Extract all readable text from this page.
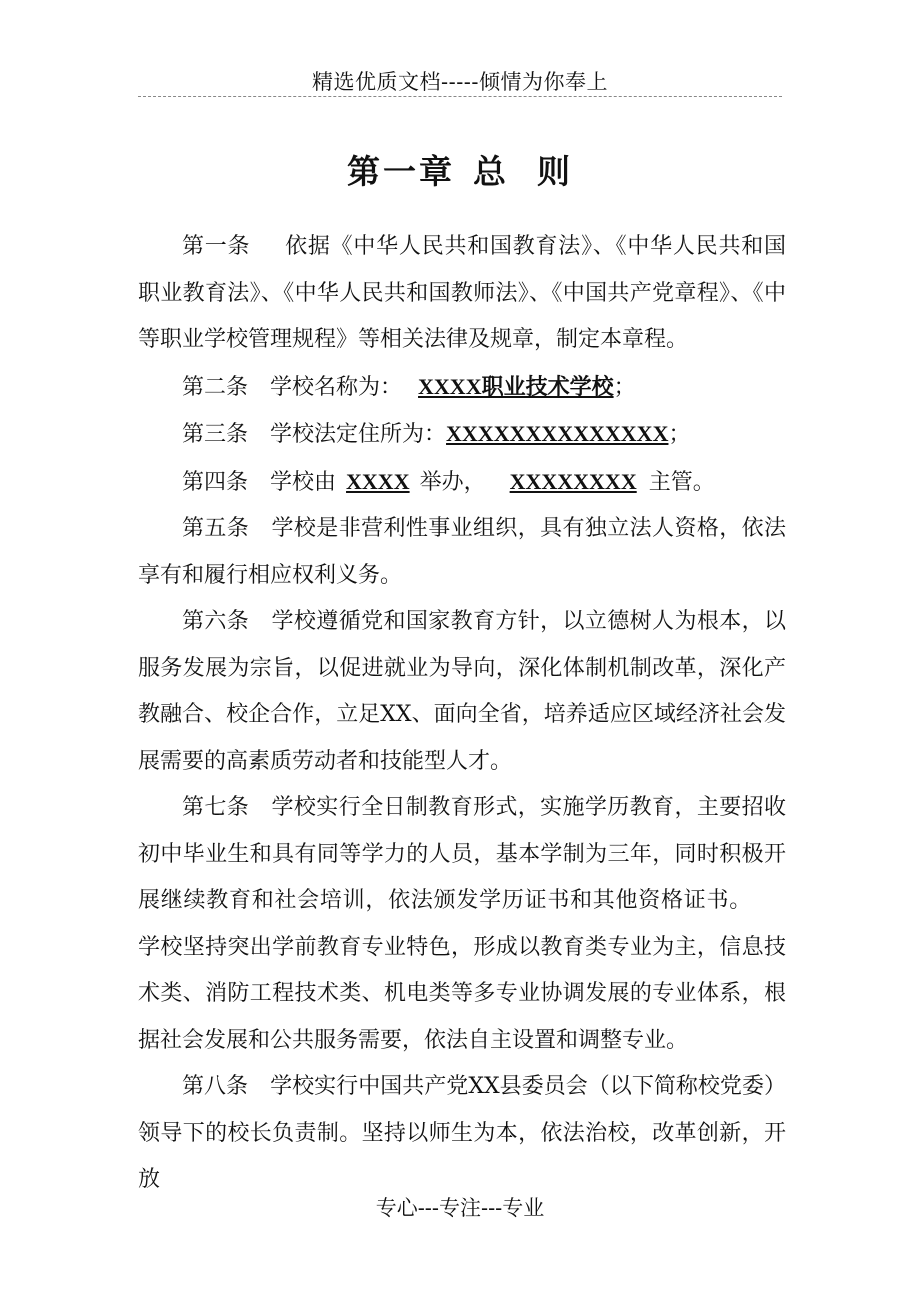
精选优质文档-----倾情为你奉上
第一章 总 则

第一条 依据《中华人民共和国教育法》、《中华人民共和国职业教育法》、《中华人民共和国教师法》、《中国共产党章程》、《中等职业学校管理规程》等相关法律及规章，制定本章程。

第二条 学校名称为： XXXX职业技术学校；

第三条 学校法定住所为：XXXXXXXXXXXXXX；

第四条 学校由 XXXX 举办， XXXXXXXX 主管。

第五条 学校是非营利性事业组织，具有独立法人资格，依法享有和履行相应权利义务。

第六条 学校遵循党和国家教育方针，以立德树人为根本，以服务发展为宗旨，以促进就业为导向，深化体制机制改革，深化产教融合、校企合作，立足XX、面向全省，培养适应区域经济社会发展需要的高素质劳动者和技能型人才。

第七条 学校实行全日制教育形式，实施学历教育，主要招收初中毕业生和具有同等学力的人员，基本学制为三年，同时积极开展继续教育和社会培训，依法颁发学历证书和其他资格证书。学校坚持突出学前教育专业特色，形成以教育类专业为主，信息技术类、消防工程技术类、机电类等多专业协调发展的专业体系，根据社会发展和公共服务需要，依法自主设置和调整专业。

第八条 学校实行中国共产党XX县委员会（以下简称校党委）领导下的校长负责制。坚持以师生为本，依法治校，改革创新，开放

专心---专注---专业
